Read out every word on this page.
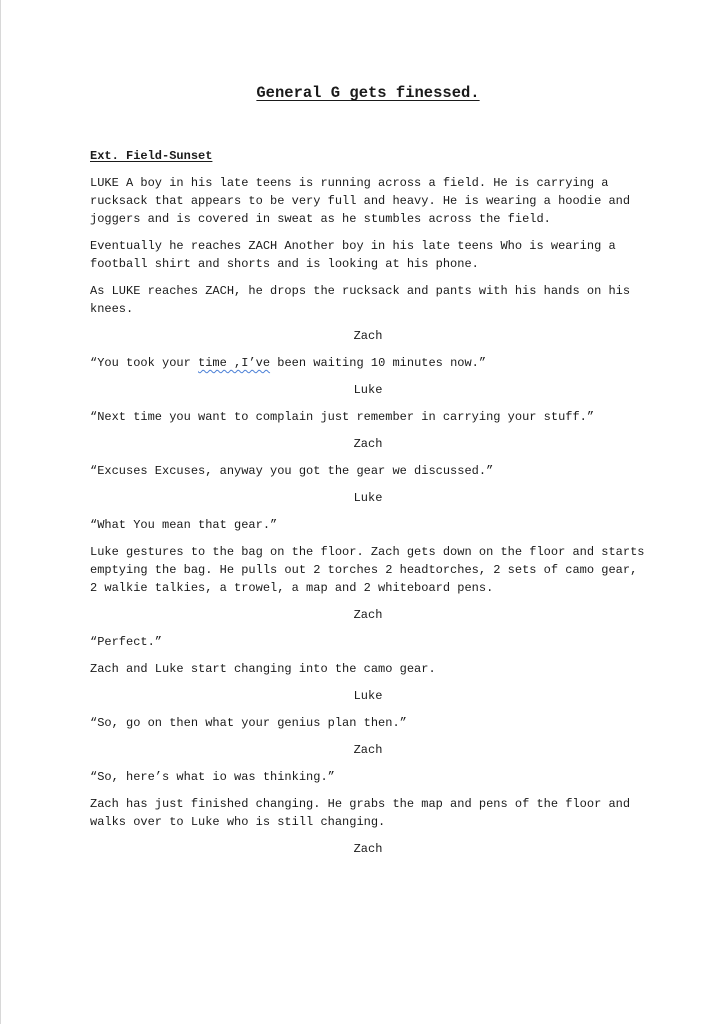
General G gets finessed.
Ext. Field-Sunset
LUKE A boy in his late teens is running across a field. He is carrying a rucksack that appears to be very full and heavy. He is wearing a hoodie and joggers and is covered in sweat as he stumbles across the field.
Eventually he reaches ZACH Another boy in his late teens Who is wearing a football shirt and shorts and is looking at his phone.
As LUKE reaches ZACH, he drops the rucksack and pants with his hands on his knees.
Zach
“You took your time ,I’ve been waiting 10 minutes now.”
Luke
“Next time you want to complain just remember in carrying your stuff.”
Zach
“Excuses Excuses, anyway you got the gear we discussed.”
Luke
“What You mean that gear.”
Luke gestures to the bag on the floor. Zach gets down on the floor and starts emptying the bag. He pulls out 2 torches 2 headtorches, 2 sets of camo gear, 2 walkie talkies, a trowel, a map and 2 whiteboard pens.
Zach
“Perfect.”
Zach and Luke start changing into the camo gear.
Luke
“So, go on then what your genius plan then.”
Zach
“So, here’s what io was thinking.”
Zach has just finished changing. He grabs the map and pens of the floor and walks over to Luke who is still changing.
Zach
